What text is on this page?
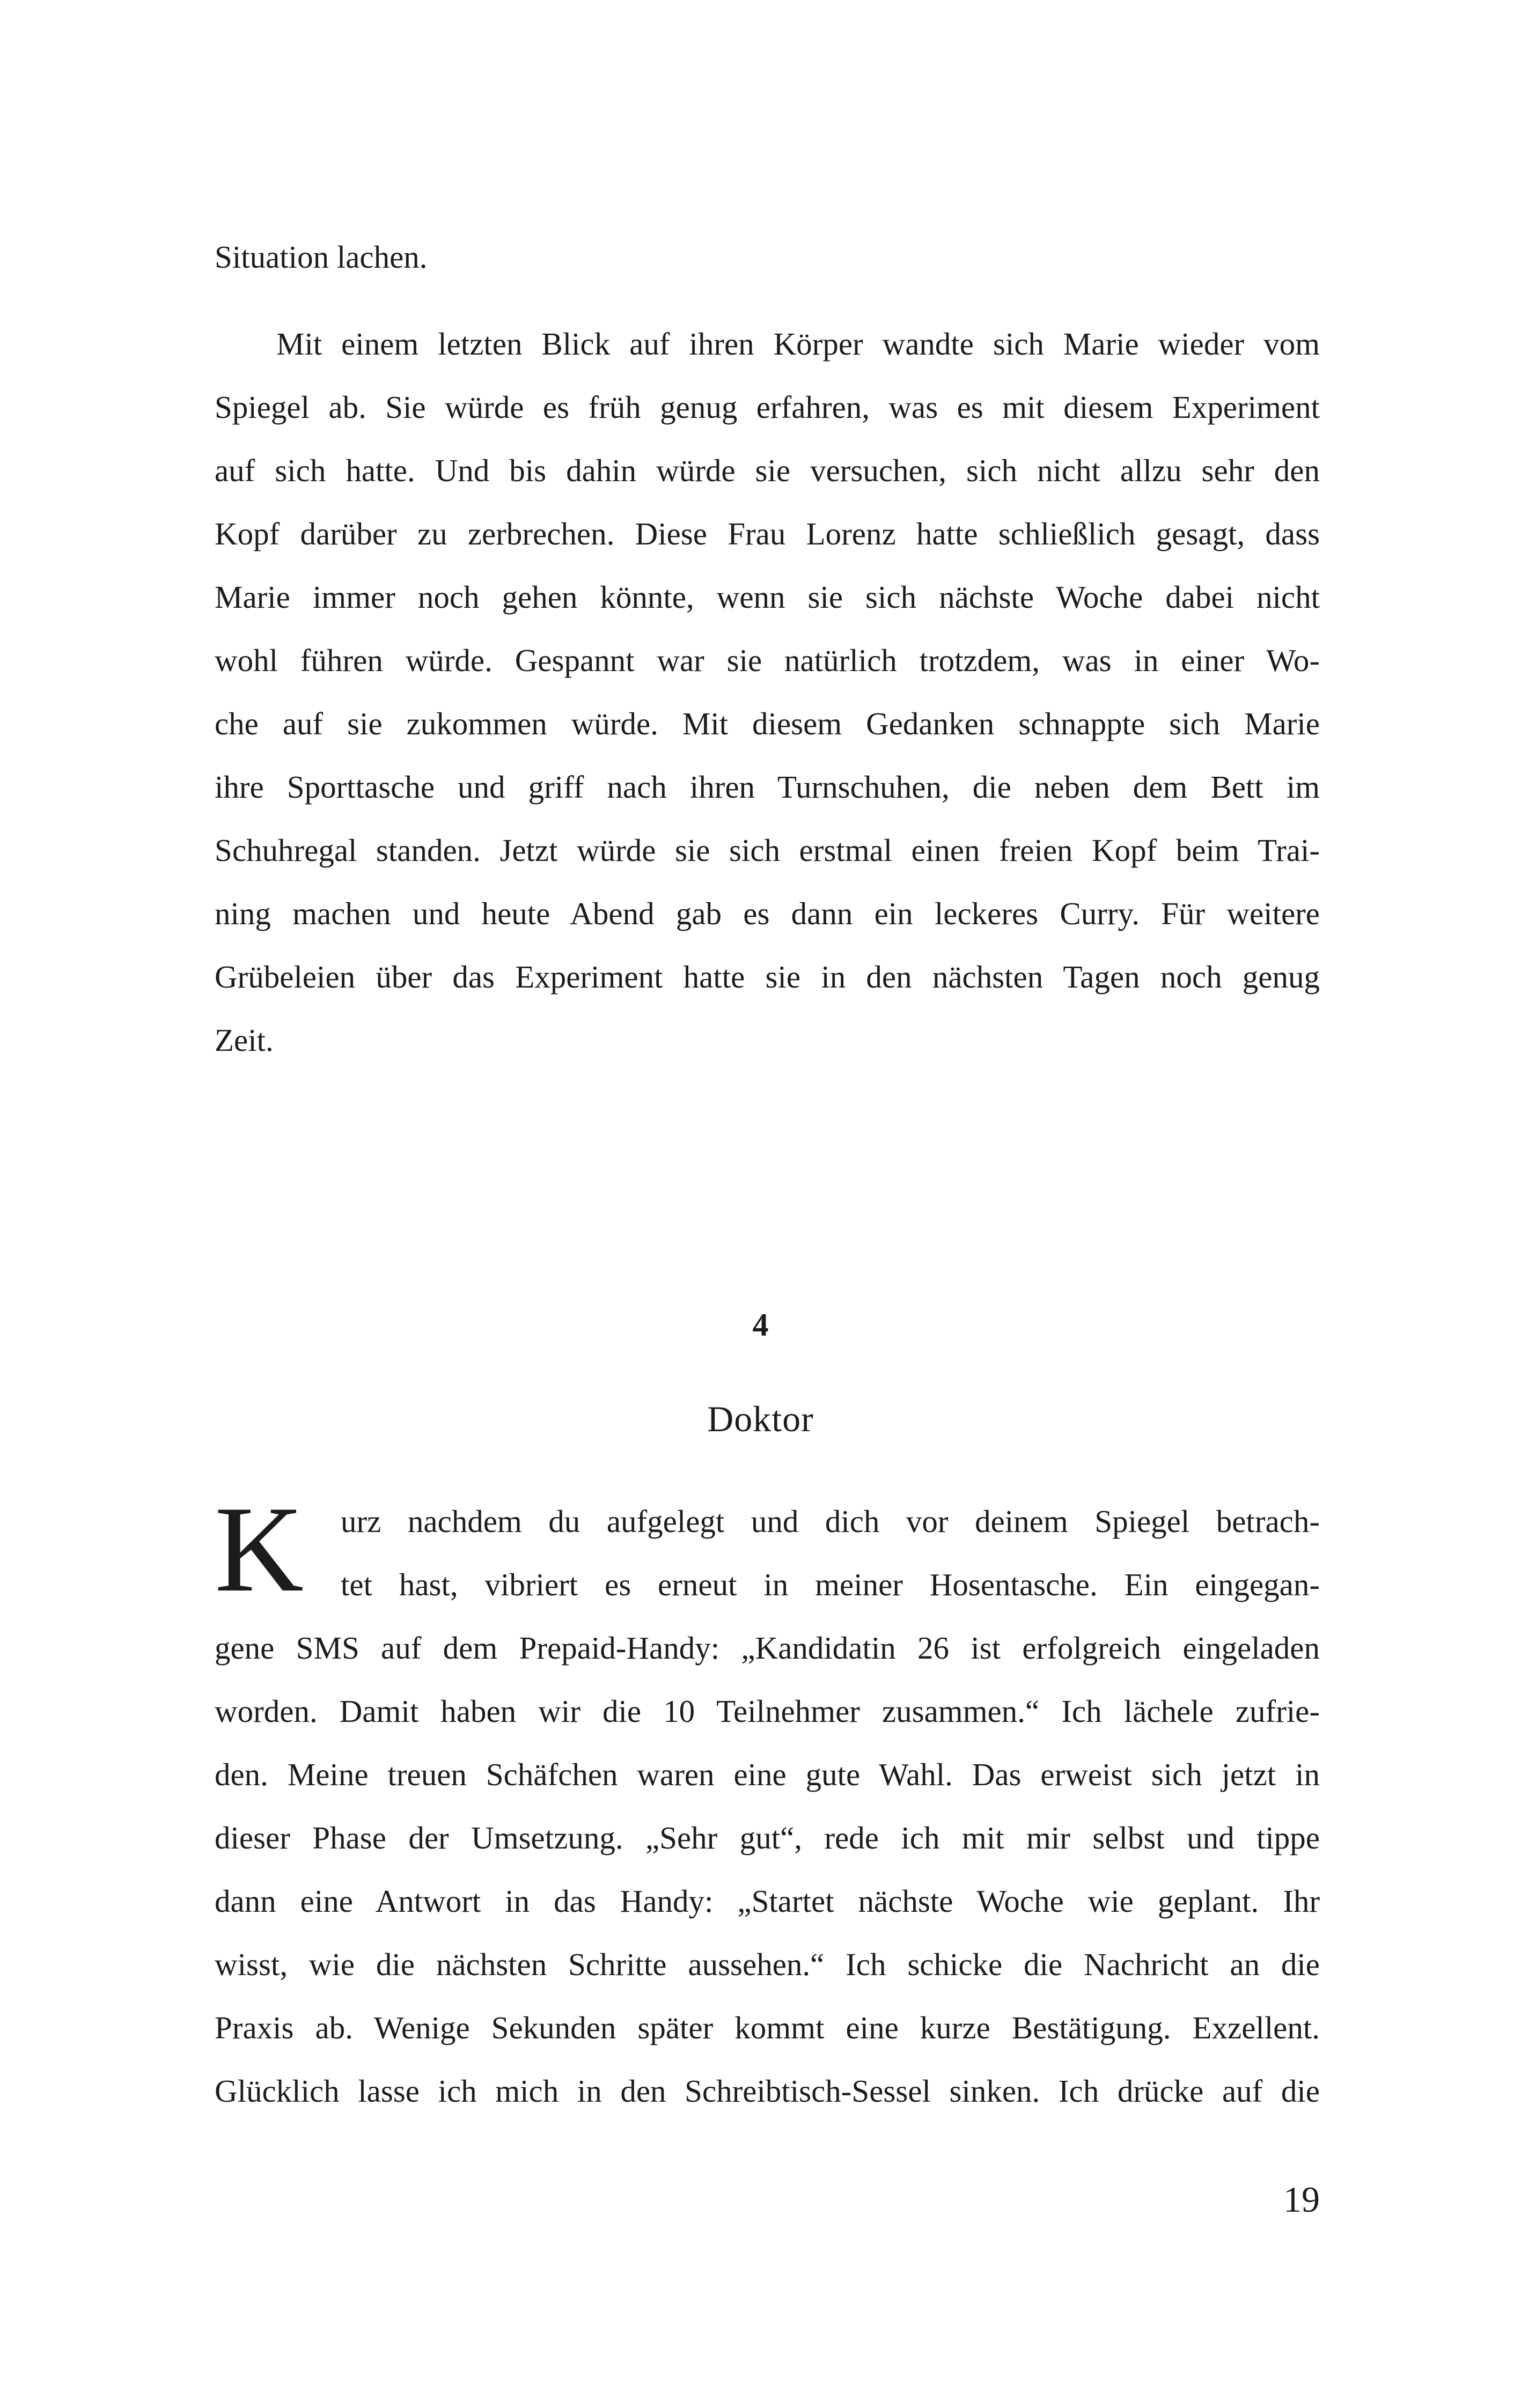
Situation lachen.
Mit einem letzten Blick auf ihren Körper wandte sich Marie wieder vom
Spiegel ab. Sie würde es früh genug erfahren, was es mit diesem Experiment
auf sich hatte. Und bis dahin würde sie versuchen, sich nicht allzu sehr den
Kopf darüber zu zerbrechen. Diese Frau Lorenz hatte schließlich gesagt, dass
Marie immer noch gehen könnte, wenn sie sich nächste Woche dabei nicht
wohl führen würde. Gespannt war sie natürlich trotzdem, was in einer Wo-
che auf sie zukommen würde. Mit diesem Gedanken schnappte sich Marie
ihre Sporttasche und griff nach ihren Turnschuhen, die neben dem Bett im
Schuhregal standen. Jetzt würde sie sich erstmal einen freien Kopf beim Trai-
ning machen und heute Abend gab es dann ein leckeres Curry. Für weitere
Grübeleien über das Experiment hatte sie in den nächsten Tagen noch genug
Zeit.
4
Doktor
K urz nachdem du aufgelegt und dich vor deinem Spiegel betrach-
tet hast, vibriert es erneut in meiner Hosentasche. Ein eingegan-
gene SMS auf dem Prepaid-Handy: „Kandidatin 26 ist erfolgreich eingeladen
worden. Damit haben wir die 10 Teilnehmer zusammen.“ Ich lächele zufrie-
den. Meine treuen Schäfchen waren eine gute Wahl. Das erweist sich jetzt in
dieser Phase der Umsetzung. „Sehr gut“, rede ich mit mir selbst und tippe
dann eine Antwort in das Handy: „Startet nächste Woche wie geplant. Ihr
wisst, wie die nächsten Schritte aussehen.“ Ich schicke die Nachricht an die
Praxis ab. Wenige Sekunden später kommt eine kurze Bestätigung. Exzellent.
Glücklich lasse ich mich in den Schreibtisch-Sessel sinken. Ich drücke auf die
19
